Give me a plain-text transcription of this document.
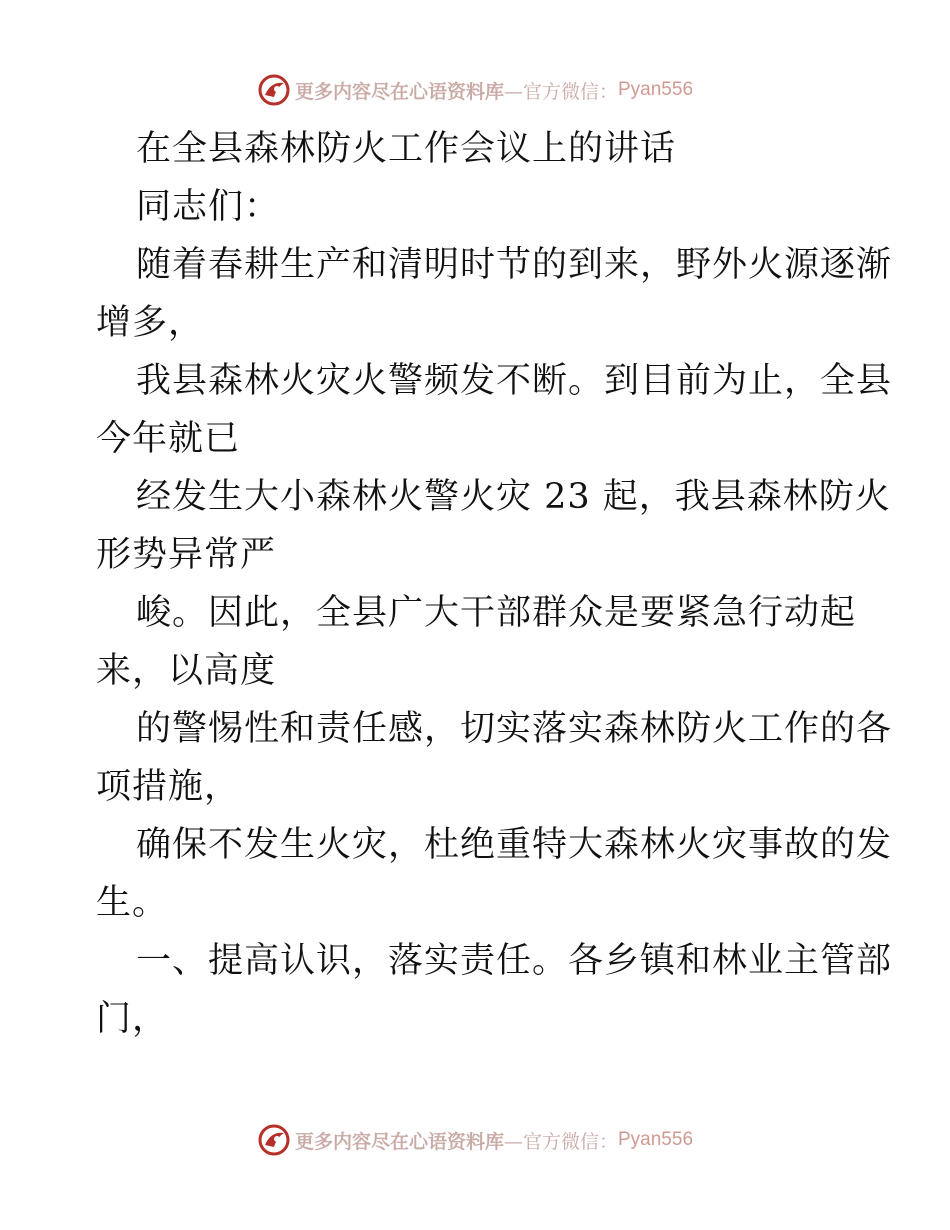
更多内容尽在心语资料库 —官方微信： Pyan556
在全县森林防火工作会议上的讲话
同志们：
随着春耕生产和清明时节的到来，野外火源逐渐
增多，
我县森林火灾火警频发不断。到目前为止，全县
今年就已
经发生大小森林火警火灾 23 起，我县森林防火
形势异常严
峻。因此，全县广大干部群众是要紧急行动起
来，以高度
的警惕性和责任感，切实落实森林防火工作的各
项措施，
确保不发生火灾，杜绝重特大森林火灾事故的发
生。
一、提高认识，落实责任。各乡镇和林业主管部
门，
更多内容尽在心语资料库 —官方微信： Pyan556
